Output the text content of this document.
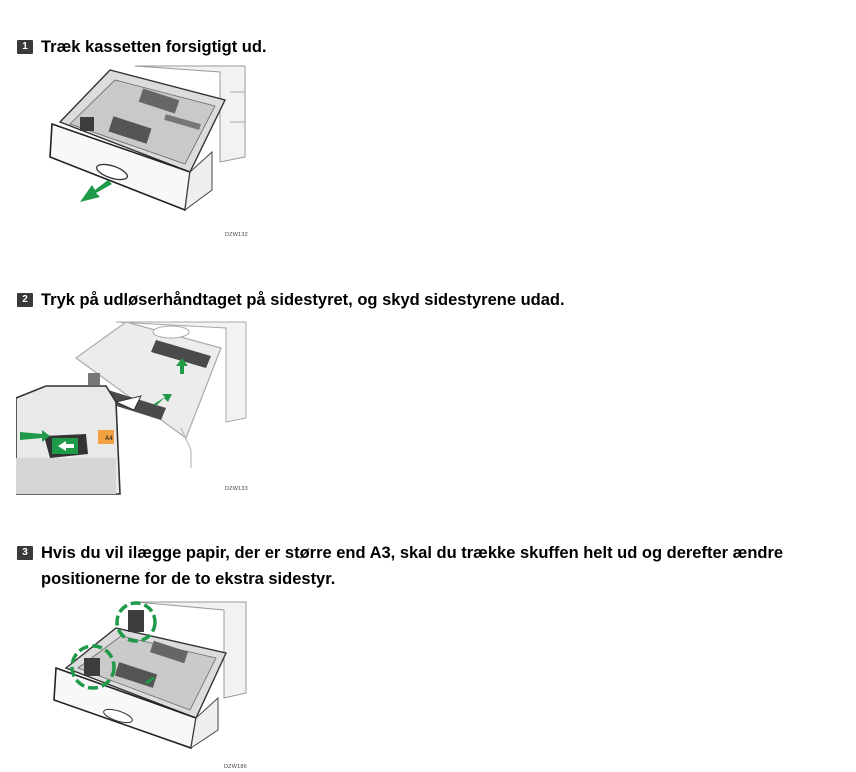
1 Træk kassetten forsigtigt ud.
DZW132
2 Tryk på udløserhåndtaget på sidestyret, og skyd sidestyrene udad.
A4
DZW133
3 Hvis du vil ilægge papir, der er større end A3, skal du trække skuffen helt ud og derefter ændre
positionerne for de to ekstra sidestyr.
DZW186
